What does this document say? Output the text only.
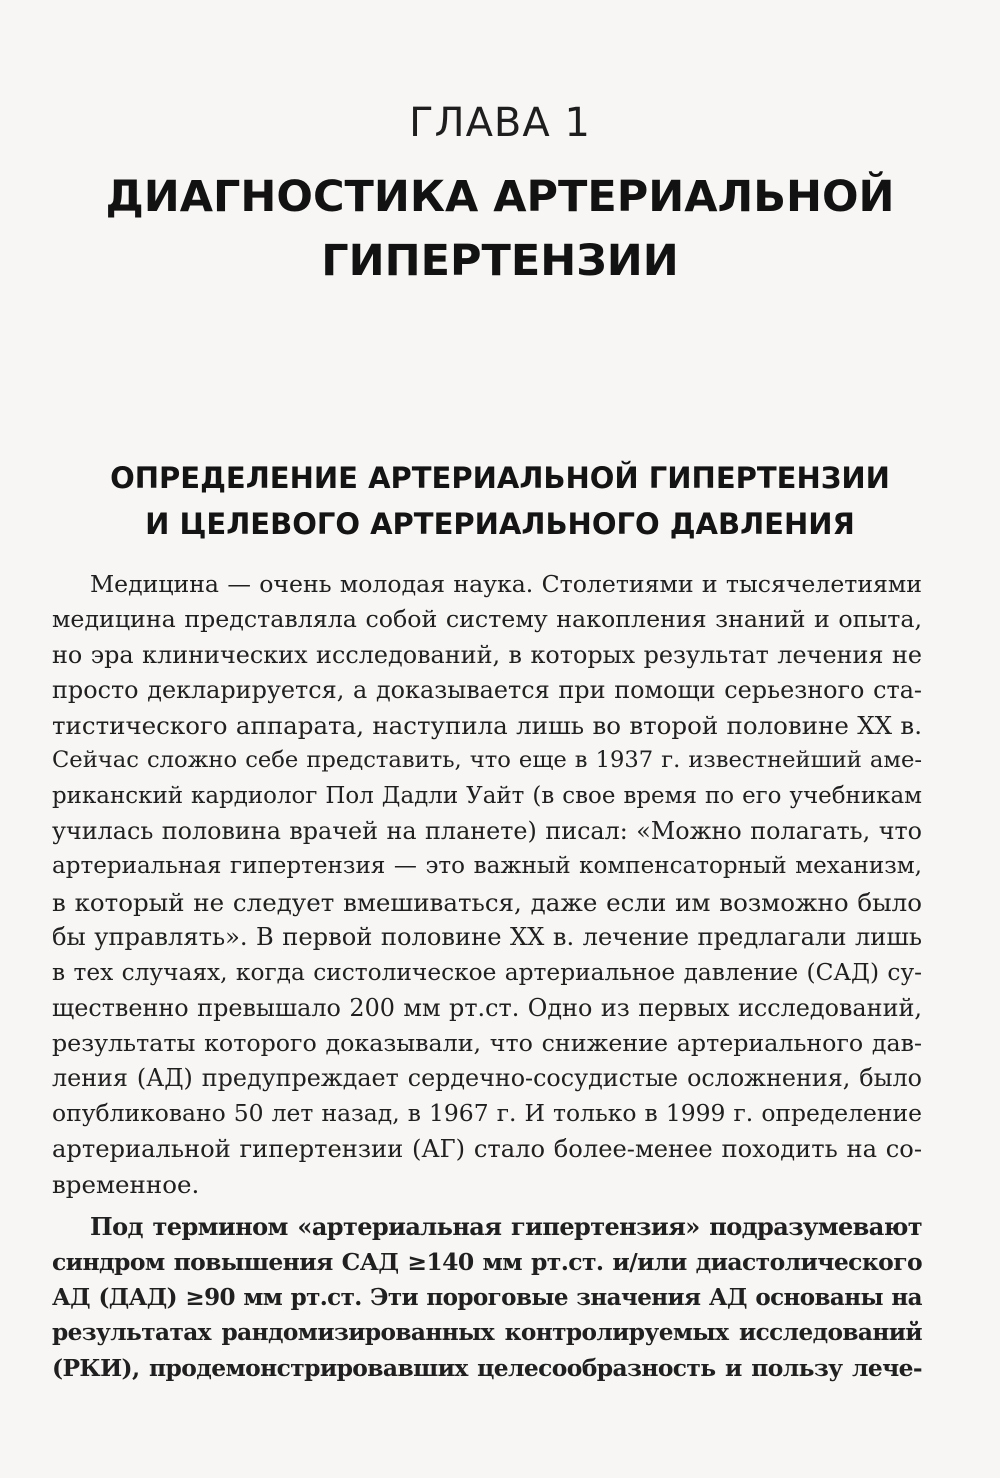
ГЛАВА 1
ДИАГНОСТИКА АРТЕРИАЛЬНОЙ
ГИПЕРТЕНЗИИ
ОПРЕДЕЛЕНИЕ АРТЕРИАЛЬНОЙ ГИПЕРТЕНЗИИ
И ЦЕЛЕВОГО АРТЕРИАЛЬНОГО ДАВЛЕНИЯ
Медицина — очень молодая наука. Столетиями и тысячелетиями
медицина представляла собой систему накопления знаний и опыта,
но эра клинических исследований, в которых результат лечения не
просто декларируется, а доказывается при помощи серьезного ста-
тистического аппарата, наступила лишь во второй половине XX в.
Сейчас сложно себе представить, что еще в 1937 г. известнейший аме-
риканский кардиолог Пол Дадли Уайт (в свое время по его учебникам
училась половина врачей на планете) писал: «Можно полагать, что
артериальная гипертензия — это важный компенсаторный механизм,
в который не следует вмешиваться, даже если им возможно было
бы управлять». В первой половине XX в. лечение предлагали лишь
в тех случаях, когда систолическое артериальное давление (САД) су-
щественно превышало 200 мм рт.ст. Одно из первых исследований,
результаты которого доказывали, что снижение артериального дав-
ления (АД) предупреждает сердечно-сосудистые осложнения, было
опубликовано 50 лет назад, в 1967 г. И только в 1999 г. определение
артериальной гипертензии (АГ) стало более-менее походить на со-
временное.
Под термином «артериальная гипертензия» подразумевают
синдром повышения САД ≥140 мм рт.ст. и/или диастолического
АД (ДАД) ≥90 мм рт.ст. Эти пороговые значения АД основаны на
результатах рандомизированных контролируемых исследований
(РКИ), продемонстрировавших целесообразность и пользу лече-
